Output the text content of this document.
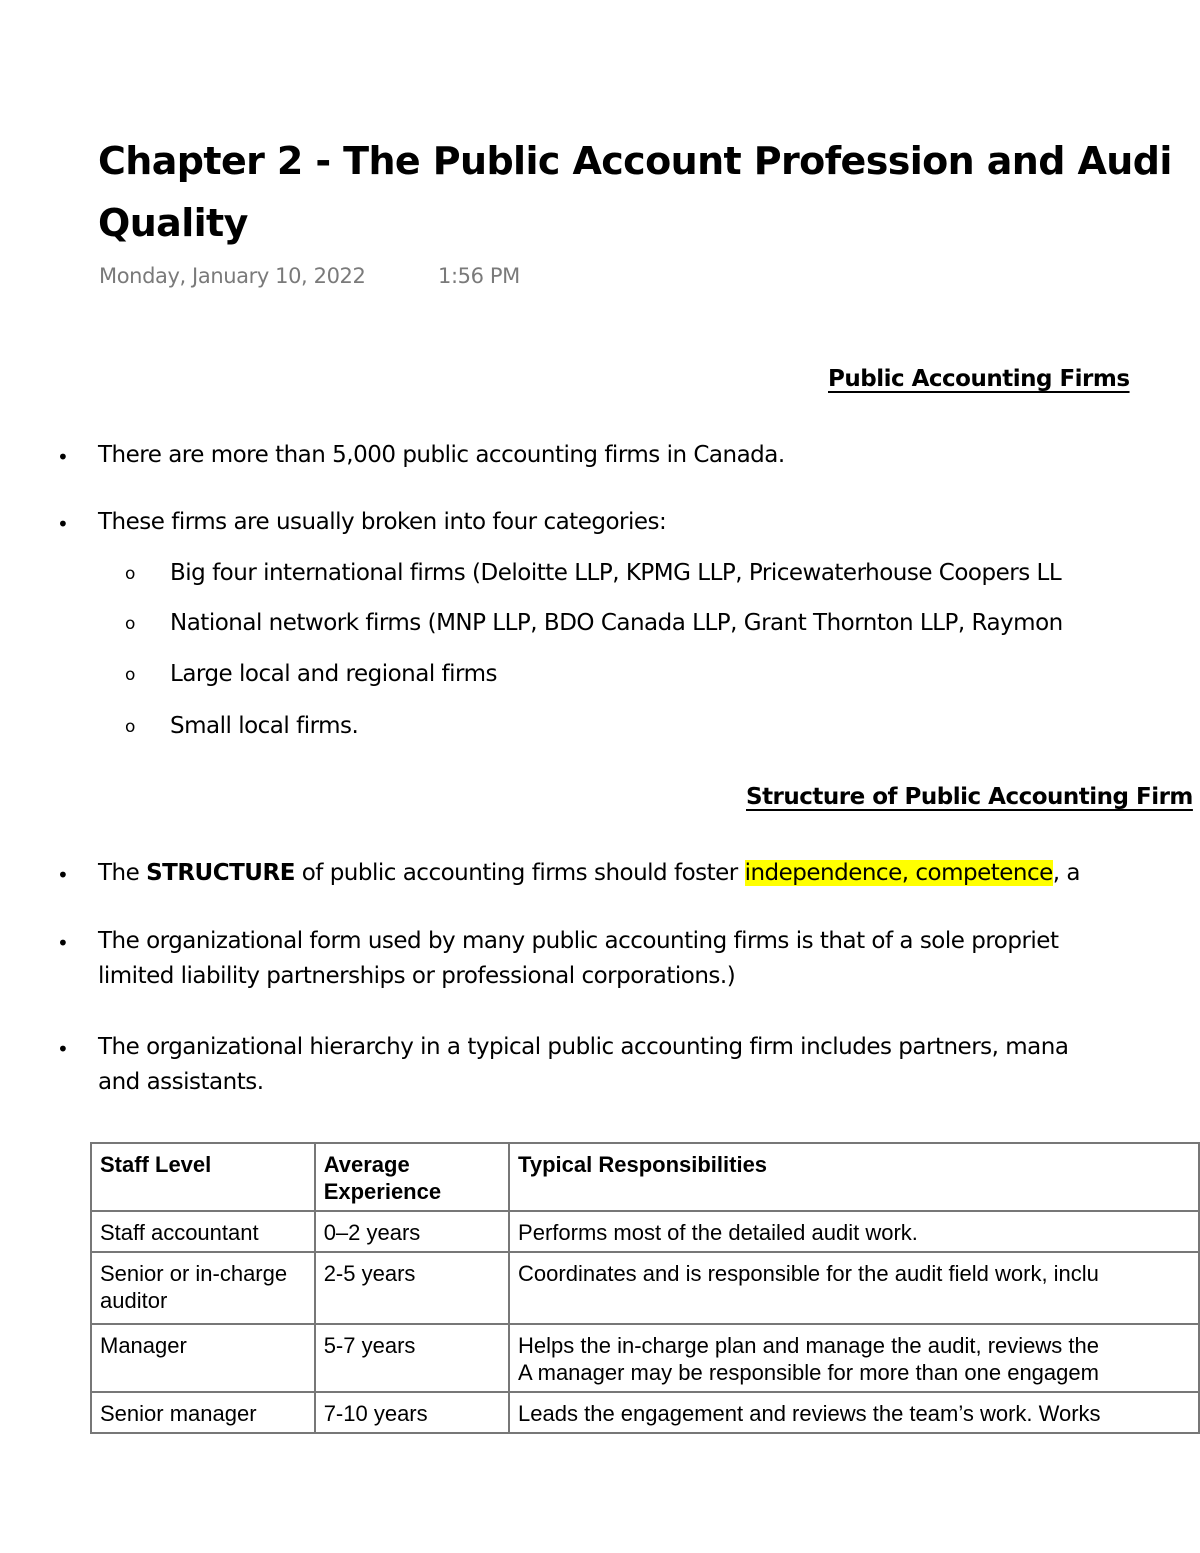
Chapter 2 - The Public Account Profession and Audi
Quality
Monday, January 10, 2022	1:56 PM
Public Accounting Firms
• There are more than 5,000 public accounting firms in Canada.
• These firms are usually broken into four categories:
o Big four international firms (Deloitte LLP, KPMG LLP, Pricewaterhouse Coopers LL
o National network firms (MNP LLP, BDO Canada LLP, Grant Thornton LLP, Raymon
o Large local and regional firms
o Small local firms.
Structure of Public Accounting Firm
• The STRUCTURE of public accounting firms should foster independence, competence, a
• The organizational form used by many public accounting firms is that of a sole propriet
limited liability partnerships or professional corporations.)
• The organizational hierarchy in a typical public accounting firm includes partners, mana
and assistants.
Staff Level	Average Experience	Typical Responsibilities
Staff accountant	0–2 years	Performs most of the detailed audit work.
Senior or in-charge auditor	2-5 years	Coordinates and is responsible for the audit field work, inclu
Manager	5-7 years	Helps the in-charge plan and manage the audit, reviews the
A manager may be responsible for more than one engagem
Senior manager	7-10 years	Leads the engagement and reviews the team’s work. Works
